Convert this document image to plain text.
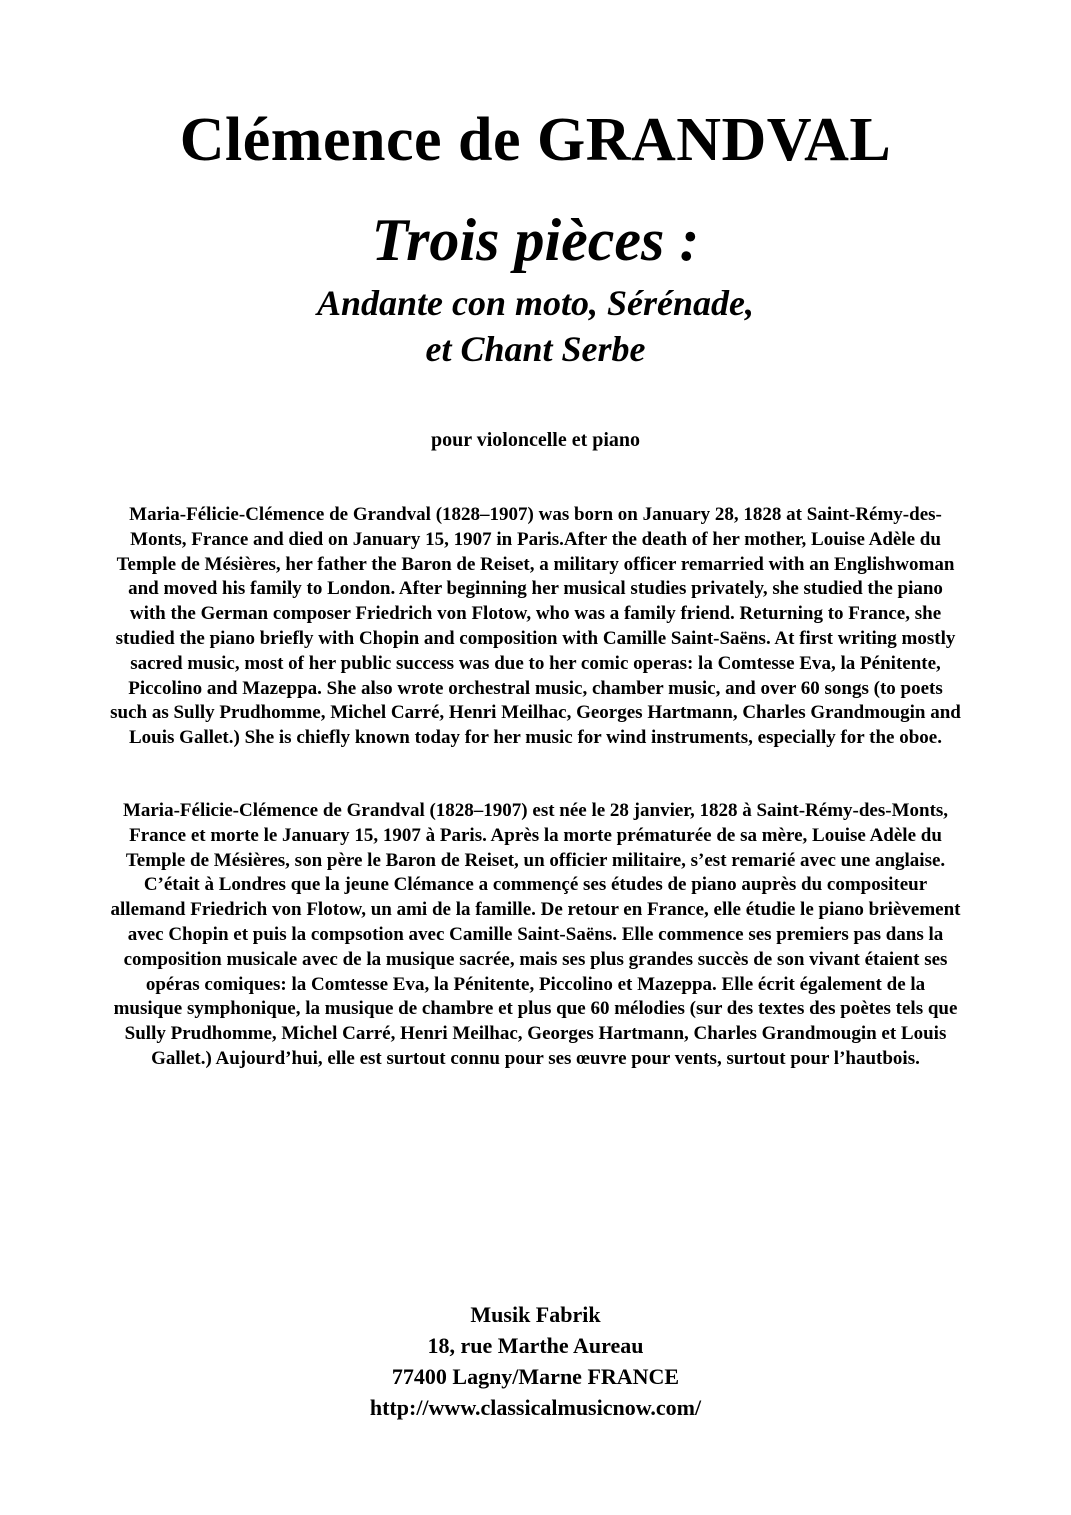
Clémence de GRANDVAL
Trois pièces :
Andante con moto, Sérénade,
et Chant Serbe
pour violoncelle et piano

Maria-Félicie-Clémence de Grandval (1828–1907) was born on January 28, 1828 at Saint-Rémy-des-Monts, France and died on January 15, 1907 in Paris.After the death of her mother, Louise Adèle du Temple de Mésières, her father the Baron de Reiset, a military officer remarried with an Englishwoman and moved his family to London. After beginning her musical studies privately, she studied the piano with the German composer Friedrich von Flotow, who was a family friend. Returning to France, she studied the piano briefly with Chopin and composition with Camille Saint-Saëns. At first writing mostly sacred music, most of her public success was due to her comic operas: la Comtesse Eva, la Pénitente, Piccolino and Mazeppa. She also wrote orchestral music, chamber music, and over 60 songs (to poets such as Sully Prudhomme, Michel Carré, Henri Meilhac, Georges Hartmann, Charles Grandmougin and Louis Gallet.) She is chiefly known today for her music for wind instruments, especially for the oboe.

Maria-Félicie-Clémence de Grandval (1828–1907) est née le 28 janvier, 1828 à Saint-Rémy-des-Monts, France et morte le January 15, 1907 à Paris. Après la morte prématurée de sa mère, Louise Adèle du Temple de Mésières, son père le Baron de Reiset, un officier militaire, s’est remarié avec une anglaise. C’était à Londres que la jeune Clémance a commençé ses études de piano auprès du compositeur allemand Friedrich von Flotow, un ami de la famille. De retour en France, elle étudie le piano brièvement avec Chopin et puis la compsotion avec Camille Saint-Saëns. Elle commence ses premiers pas dans la composition musicale avec de la musique sacrée, mais ses plus grandes succès de son vivant étaient ses opéras comiques: la Comtesse Eva, la Pénitente, Piccolino et Mazeppa. Elle écrit également de la musique symphonique, la musique de chambre et plus que 60 mélodies (sur des textes des poètes tels que Sully Prudhomme, Michel Carré, Henri Meilhac, Georges Hartmann, Charles Grandmougin et Louis Gallet.) Aujourd’hui, elle est surtout connu pour ses œuvre pour vents, surtout pour l’hautbois.

Musik Fabrik
18, rue Marthe Aureau
77400 Lagny/Marne FRANCE
http://www.classicalmusicnow.com/
